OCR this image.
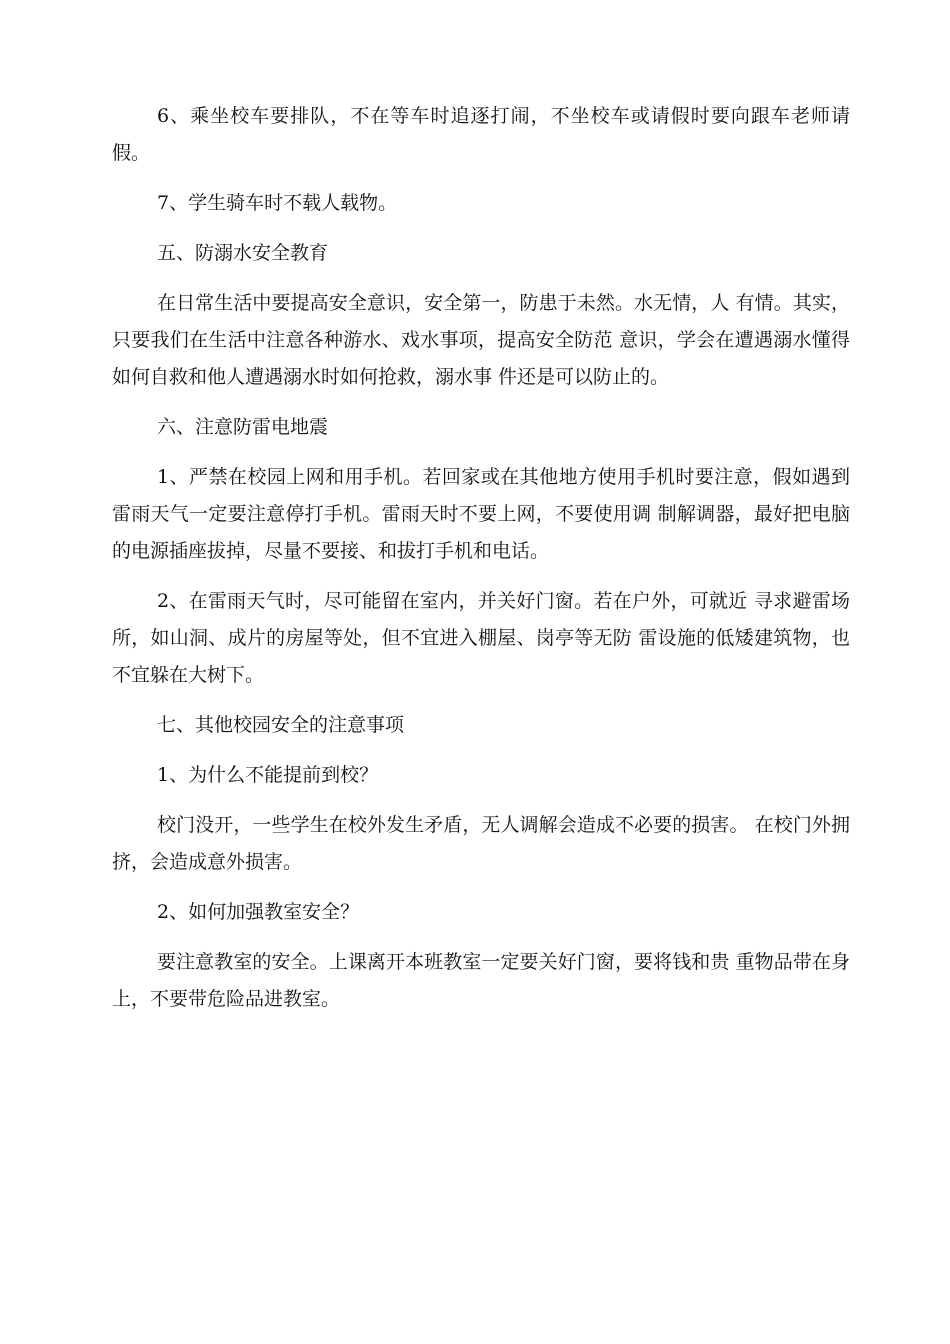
6、乘坐校车要排队，不在等车时追逐打闹，不坐校车或请假时要向跟车老师请假。

7、学生骑车时不载人载物。

五、防溺水安全教育

在日常生活中要提高安全意识，安全第一，防患于未然。水无情，人 有情。其实，只要我们在生活中注意各种游水、戏水事项，提高安全防范 意识，学会在遭遇溺水懂得如何自救和他人遭遇溺水时如何抢救，溺水事 件还是可以防止的。

六、注意防雷电地震

1、严禁在校园上网和用手机。若回家或在其他地方使用手机时要注意，假如遇到雷雨天气一定要注意停打手机。雷雨天时不要上网，不要使用调 制解调器，最好把电脑的电源插座拔掉，尽量不要接、和拔打手机和电话。

2、在雷雨天气时，尽可能留在室内，并关好门窗。若在户外，可就近 寻求避雷场所，如山洞、成片的房屋等处，但不宜进入棚屋、岗亭等无防 雷设施的低矮建筑物，也不宜躲在大树下。

七、其他校园安全的注意事项

1、为什么不能提前到校？

校门没开，一些学生在校外发生矛盾，无人调解会造成不必要的损害。 在校门外拥挤，会造成意外损害。

2、如何加强教室安全？

要注意教室的安全。上课离开本班教室一定要关好门窗，要将钱和贵 重物品带在身上，不要带危险品进教室。
